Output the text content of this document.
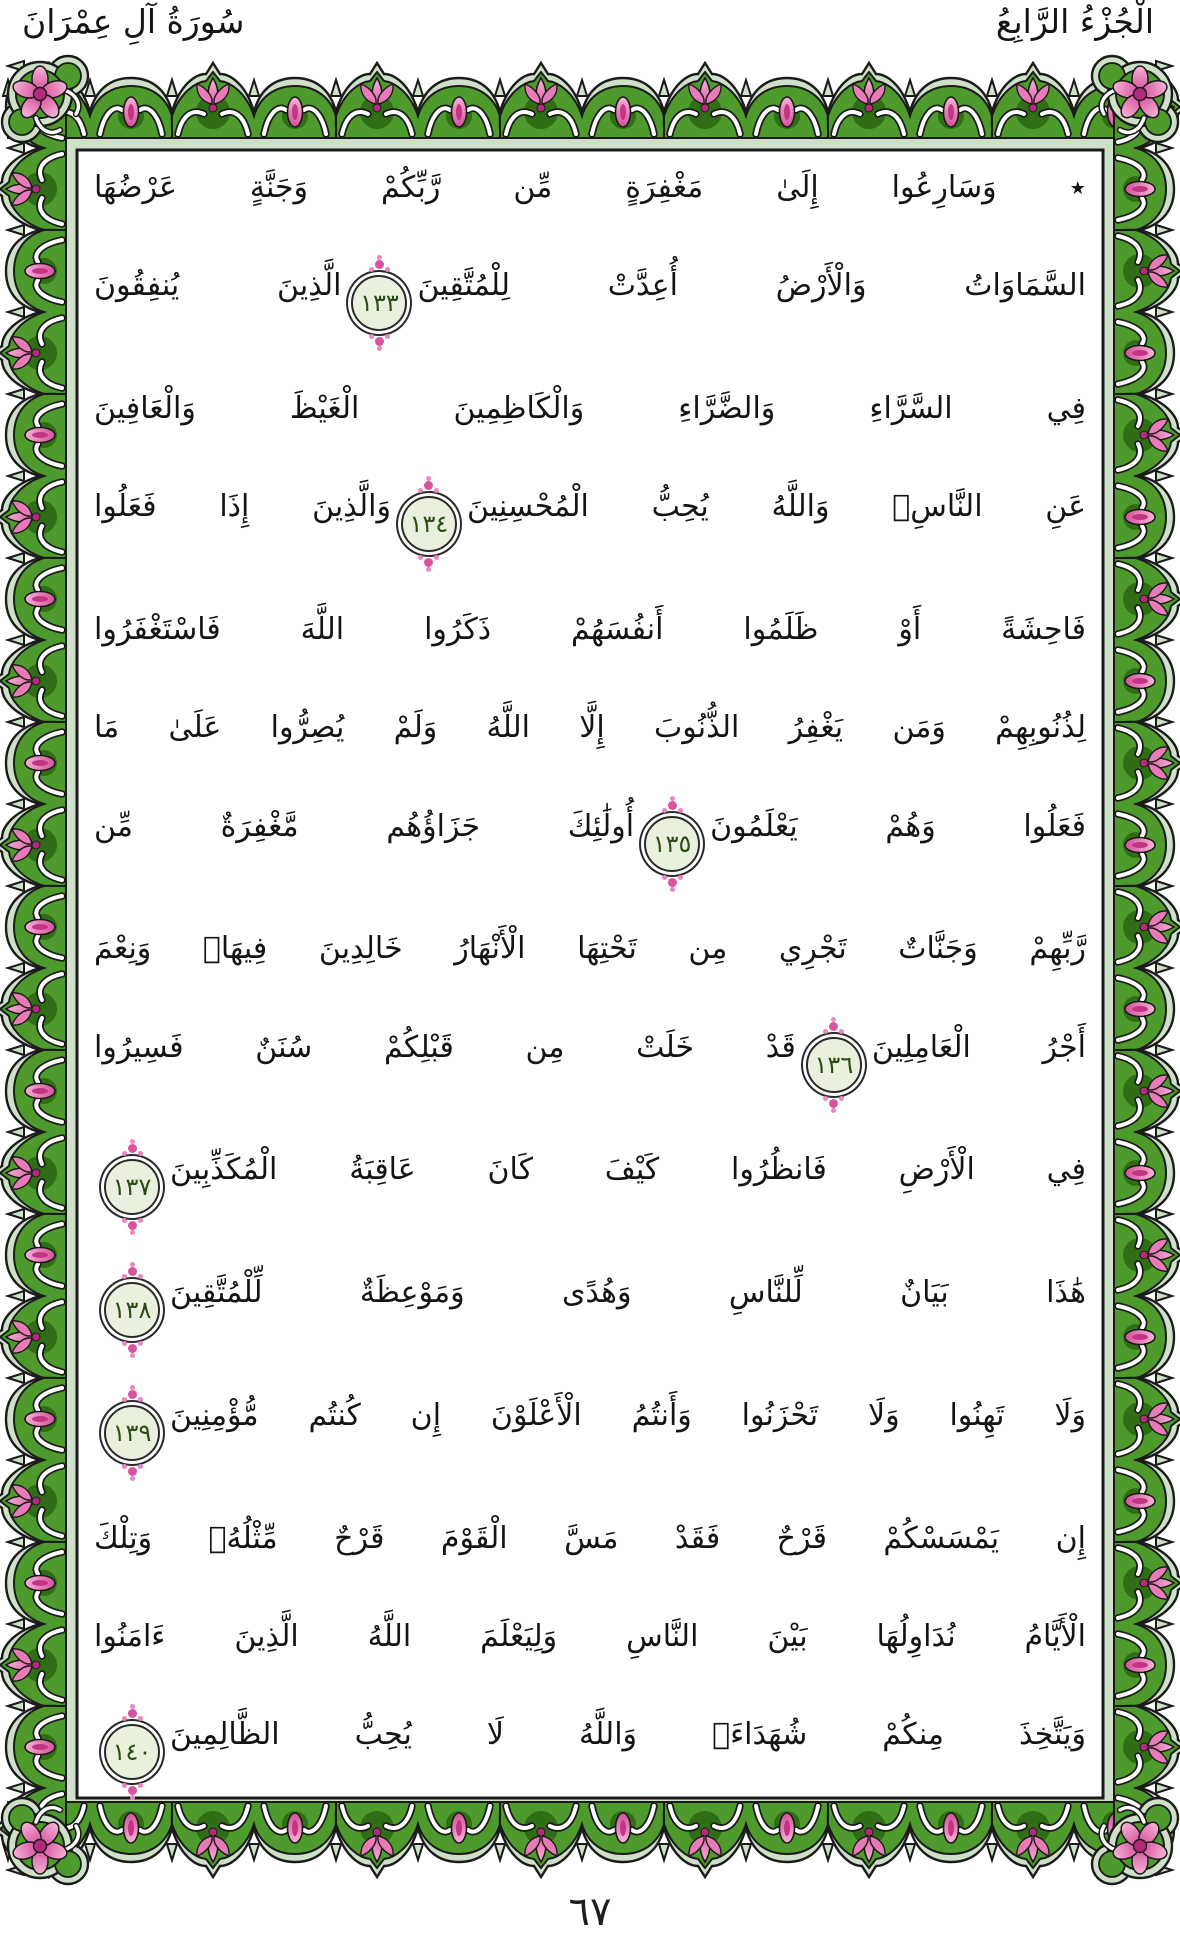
الْجُزْءُ الرَّابِعُ
سُورَةُ آلِ عِمْرَانَ
٭ وَسَارِعُوا إِلَىٰ مَغْفِرَةٍ مِّن رَّبِّكُمْ وَجَنَّةٍ عَرْضُهَا
السَّمَاوَاتُ وَالْأَرْضُ أُعِدَّتْ لِلْمُتَّقِينَ١٣٣الَّذِينَ يُنفِقُونَ
فِي السَّرَّاءِ وَالضَّرَّاءِ وَالْكَاظِمِينَ الْغَيْظَ وَالْعَافِينَ
عَنِ النَّاسِۗ وَاللَّهُ يُحِبُّ الْمُحْسِنِينَ١٣٤وَالَّذِينَ إِذَا فَعَلُوا
فَاحِشَةً أَوْ ظَلَمُوا أَنفُسَهُمْ ذَكَرُوا اللَّهَ فَاسْتَغْفَرُوا
لِذُنُوبِهِمْ وَمَن يَغْفِرُ الذُّنُوبَ إِلَّا اللَّهُ وَلَمْ يُصِرُّوا عَلَىٰ مَا
فَعَلُوا وَهُمْ يَعْلَمُونَ١٣٥أُولَٰئِكَ جَزَاؤُهُم مَّغْفِرَةٌ مِّن
رَّبِّهِمْ وَجَنَّاتٌ تَجْرِي مِن تَحْتِهَا الْأَنْهَارُ خَالِدِينَ فِيهَاۚ وَنِعْمَ
أَجْرُ الْعَامِلِينَ١٣٦قَدْ خَلَتْ مِن قَبْلِكُمْ سُنَنٌ فَسِيرُوا
فِي الْأَرْضِ فَانظُرُوا كَيْفَ كَانَ عَاقِبَةُ الْمُكَذِّبِينَ١٣٧
هَٰذَا بَيَانٌ لِّلنَّاسِ وَهُدًى وَمَوْعِظَةٌ لِّلْمُتَّقِينَ١٣٨
وَلَا تَهِنُوا وَلَا تَحْزَنُوا وَأَنتُمُ الْأَعْلَوْنَ إِن كُنتُم مُّؤْمِنِينَ١٣٩
إِن يَمْسَسْكُمْ قَرْحٌ فَقَدْ مَسَّ الْقَوْمَ قَرْحٌ مِّثْلُهُۚ وَتِلْكَ
الْأَيَّامُ نُدَاوِلُهَا بَيْنَ النَّاسِ وَلِيَعْلَمَ اللَّهُ الَّذِينَ ءَامَنُوا
وَيَتَّخِذَ مِنكُمْ شُهَدَاءَۗ وَاللَّهُ لَا يُحِبُّ الظَّالِمِينَ١٤٠
٦٧
